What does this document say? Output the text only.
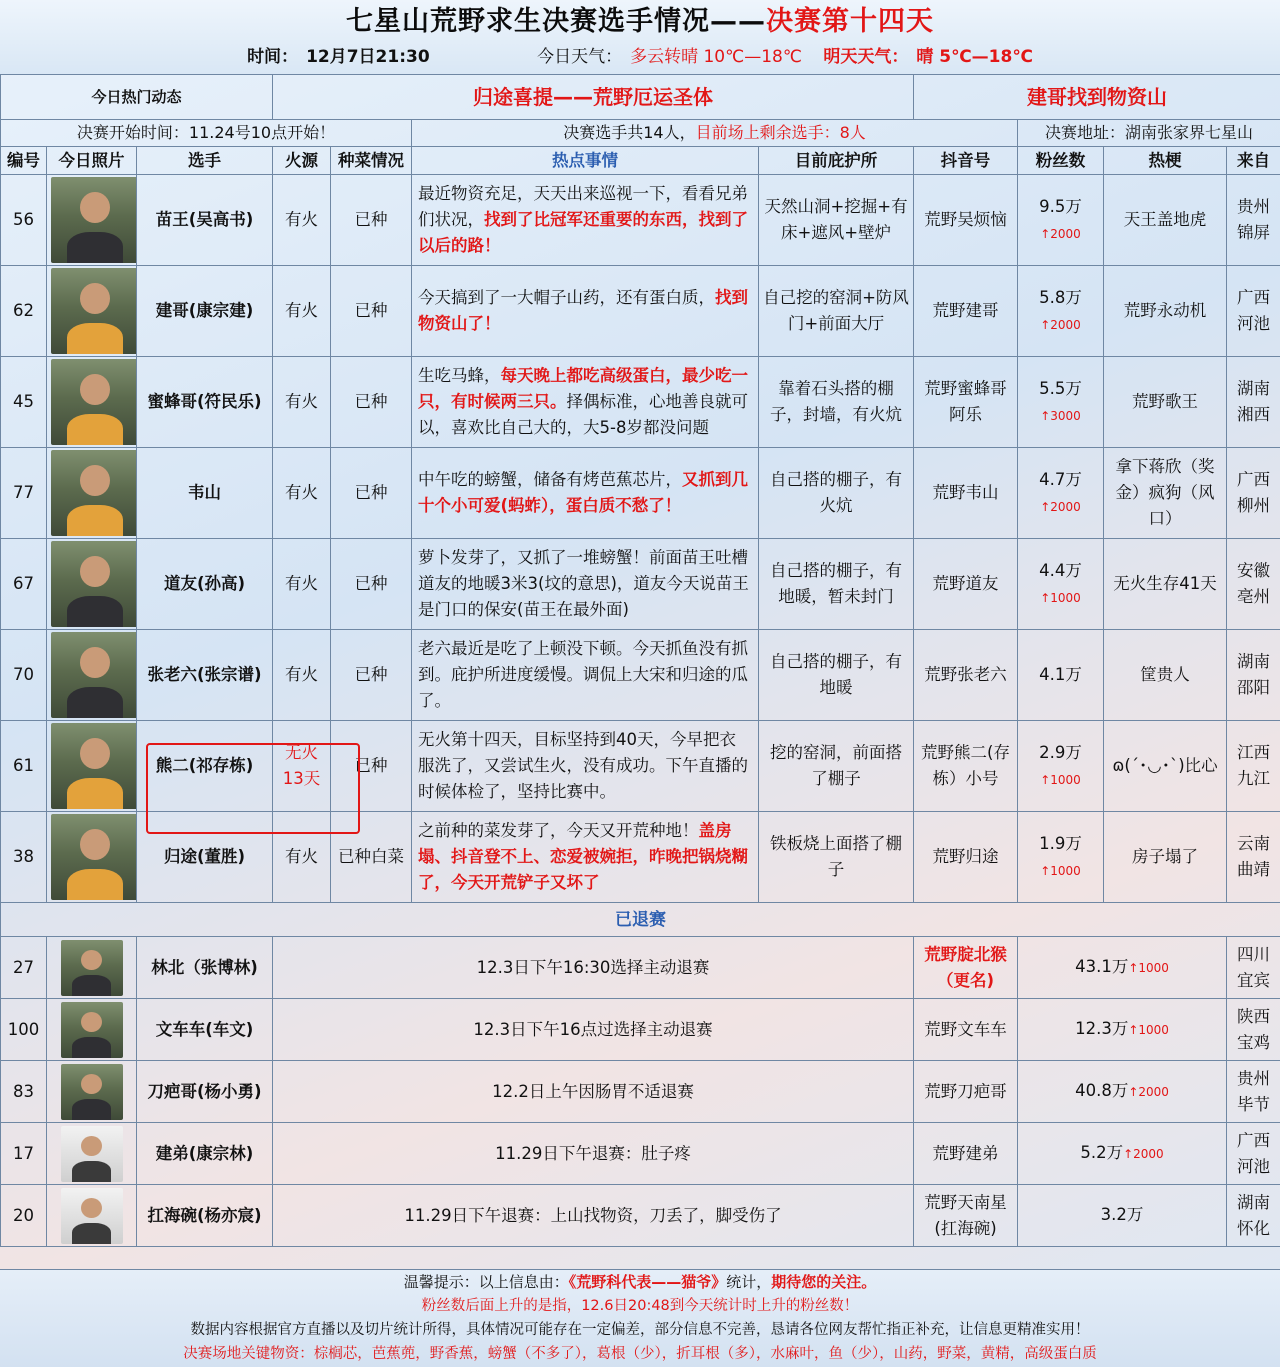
七星山荒野求生决赛选手情况——决赛第十四天
时间： 12月7日21:30	今日天气： 多云转晴 10℃—18℃ 明天天气： 晴 5℃—18℃
今日热门动态			归途喜提——荒野厄运圣体				建哥找到物资山			
决赛开始时间：11.24号10点开始！					决赛选手共14人，目前场上剩余选手：8人			决赛地址：湖南张家界七星山		
编号	今日照片	选手	火源	种菜情况	热点事情	目前庇护所	抖音号	粉丝数	热梗	来自
56		苗王(吴高书)	有火	已种	最近物资充足，天天出来巡视一下，看看兄弟们状况，找到了比冠军还重要的东西，找到了以后的路！	天然山洞+挖掘+有床+遮风+壁炉	荒野吴烦恼	9.5万↑2000	天王盖地虎	贵州锦屏
62		建哥(康宗建)	有火	已种	今天搞到了一大帽子山药，还有蛋白质，找到物资山了！	自己挖的窑洞+防风门+前面大厅	荒野建哥	5.8万↑2000	荒野永动机	广西河池
45		蜜蜂哥(符民乐)	有火	已种	生吃马蜂，每天晚上都吃高级蛋白，最少吃一只，有时候两三只。择偶标准，心地善良就可以，喜欢比自己大的，大5-8岁都没问题	靠着石头搭的棚子，封墙，有火炕	荒野蜜蜂哥阿乐	5.5万↑3000	荒野歌王	湖南湘西
77		韦山	有火	已种	中午吃的螃蟹，储备有烤芭蕉芯片，又抓到几十个小可爱(蚂蚱），蛋白质不愁了！	自己搭的棚子，有火炕	荒野韦山	4.7万↑2000	拿下蒋欣（奖金）疯狗（风口）	广西柳州
67		道友(孙高)	有火	已种	萝卜发芽了，又抓了一堆螃蟹！前面苗王吐槽道友的地暖3米3(坟的意思)，道友今天说苗王是门口的保安(苗王在最外面)	自己搭的棚子，有地暖，暂未封门	荒野道友	4.4万↑1000	无火生存41天	安徽亳州
70		张老六(张宗谱)	有火	已种	老六最近是吃了上顿没下顿。今天抓鱼没有抓到。庇护所进度缓慢。调侃上大宋和归途的瓜了。	自己搭的棚子，有地暖	荒野张老六	4.1万	筐贵人	湖南邵阳
61		熊二(祁存栋)	无火13天	已种	无火第十四天，目标坚持到40天，今早把衣服洗了，又尝试生火，没有成功。下午直播的时候体检了，坚持比赛中。	挖的窑洞，前面搭了棚子	荒野熊二(存栋）小号	2.9万↑1000	ɷ(´･◡･`)比心	江西九江
38		归途(董胜)	有火	已种白菜	之前种的菜发芽了，今天又开荒种地！盖房塌、抖音登不上、恋爱被婉拒，昨晚把锅烧糊了，今天开荒铲子又坏了	铁板烧上面搭了棚子	荒野归途	1.9万↑1000	房子塌了	云南曲靖
已退赛										
27		林北（张博林)	12.3日下午16:30选择主动退赛				荒野腚北猴（更名)	43.1万↑1000		四川宜宾
100		文车车(车文)	12.3日下午16点过选择主动退赛				荒野文车车	12.3万↑1000		陕西宝鸡
83		刀疤哥(杨小勇)	12.2日上午因肠胃不适退赛				荒野刀疤哥	40.8万↑2000		贵州毕节
17		建弟(康宗林)	11.29日下午退赛：肚子疼				荒野建弟	5.2万↑2000		广西河池
20		扛海碗(杨亦宸)	11.29日下午退赛：上山找物资，刀丢了，脚受伤了				荒野天南星(扛海碗)	3.2万		湖南怀化
温馨提示：以上信息由：《荒野科代表——猫爷》统计，期待您的关注。
粉丝数后面上升的是指，12.6日20:48到今天统计时上升的粉丝数！
数据内容根据官方直播以及切片统计所得，具体情况可能存在一定偏差，部分信息不完善，恳请各位网友帮忙指正补充，让信息更精准实用！
决赛场地关键物资：棕榈芯，芭蕉蔸，野香蕉，螃蟹（不多了），葛根（少），折耳根（多），水麻叶，鱼（少），山药，野菜，黄精，高级蛋白质
